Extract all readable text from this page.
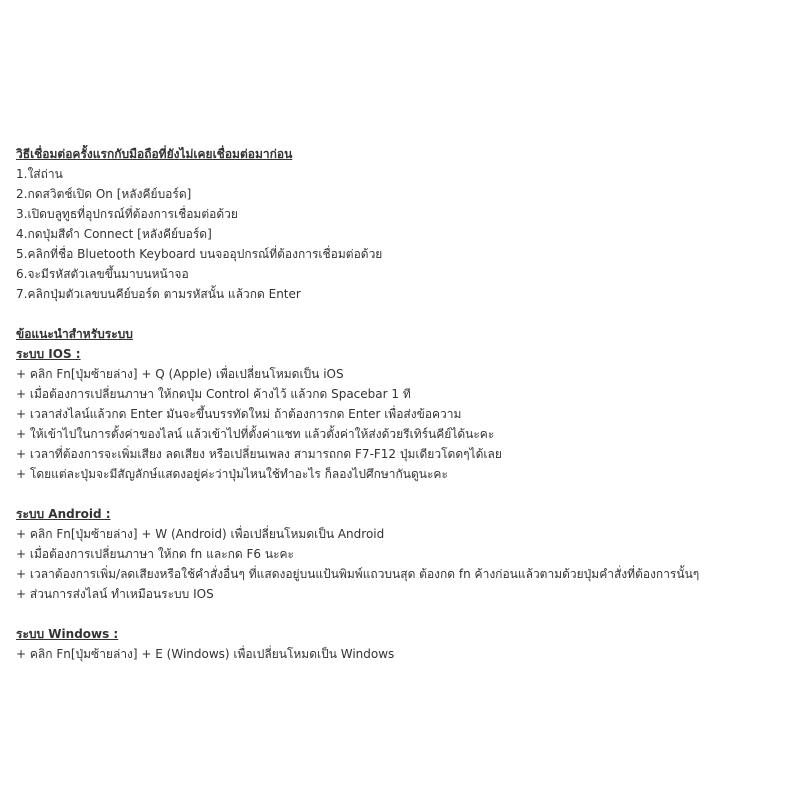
วิธีเชื่อมต่อครั้งแรกกับมือถือที่ยังไม่เคยเชื่อมต่อมาก่อน
1.ใส่ถ่าน
2.กดสวิตช์เปิด On [หลังคีย์บอร์ด]
3.เปิดบลูทูธที่อุปกรณ์ที่ต้องการเชื่อมต่อด้วย
4.กดปุ่มสีดำ Connect [หลังคีย์บอร์ด]
5.คลิกที่ชื่อ Bluetooth Keyboard บนจออุปกรณ์ที่ต้องการเชื่อมต่อด้วย
6.จะมีรหัสตัวเลขขึ้นมาบนหน้าจอ
7.คลิกปุ่มตัวเลขบนคีย์บอร์ด ตามรหัสนั้น แล้วกด Enter
ข้อแนะนำสำหรับระบบ
ระบบ IOS :
+ คลิก Fn[ปุ่มซ้ายล่าง] + Q (Apple) เพื่อเปลี่ยนโหมดเป็น iOS
+ เมื่อต้องการเปลี่ยนภาษา ให้กดปุ่ม Control ค้างไว้ แล้วกด Spacebar 1 ที
+ เวลาส่งไลน์แล้วกด Enter มันจะขึ้นบรรทัดใหม่ ถ้าต้องการกด Enter เพื่อส่งข้อความ
+ ให้เข้าไปในการตั้งค่าของไลน์ แล้วเข้าไปที่ตั้งค่าแชท แล้วตั้งค่าให้ส่งด้วยรีเทิร์นคีย์ได้นะคะ
+ เวลาที่ต้องการจะเพิ่มเสียง ลดเสียง หรือเปลี่ยนเพลง สามารถกด F7-F12 ปุ่มเดียวโดดๆได้เลย
+ โดยแต่ละปุ่มจะมีสัญลักษ์แสดงอยู่ค่ะว่าปุ่มไหนใช้ทำอะไร ก็ลองไปศึกษากันดูนะคะ
ระบบ Android :
+ คลิก Fn[ปุ่มซ้ายล่าง] + W (Android) เพื่อเปลี่ยนโหมดเป็น Android
+ เมื่อต้องการเปลี่ยนภาษา ให้กด fn และกด F6 นะคะ
+ เวลาต้องการเพิ่ม/ลดเสียงหรือใช้คำสั่งอื่นๆ ที่แสดงอยู่บนแป้นพิมพ์แถวบนสุด ต้องกด fn ค้างก่อนแล้วตามด้วยปุ่มคำสั่งที่ต้องการนั้นๆ
+ ส่วนการส่งไลน์ ทำเหมือนระบบ IOS
ระบบ Windows :
+ คลิก Fn[ปุ่มซ้ายล่าง] + E (Windows) เพื่อเปลี่ยนโหมดเป็น Windows
